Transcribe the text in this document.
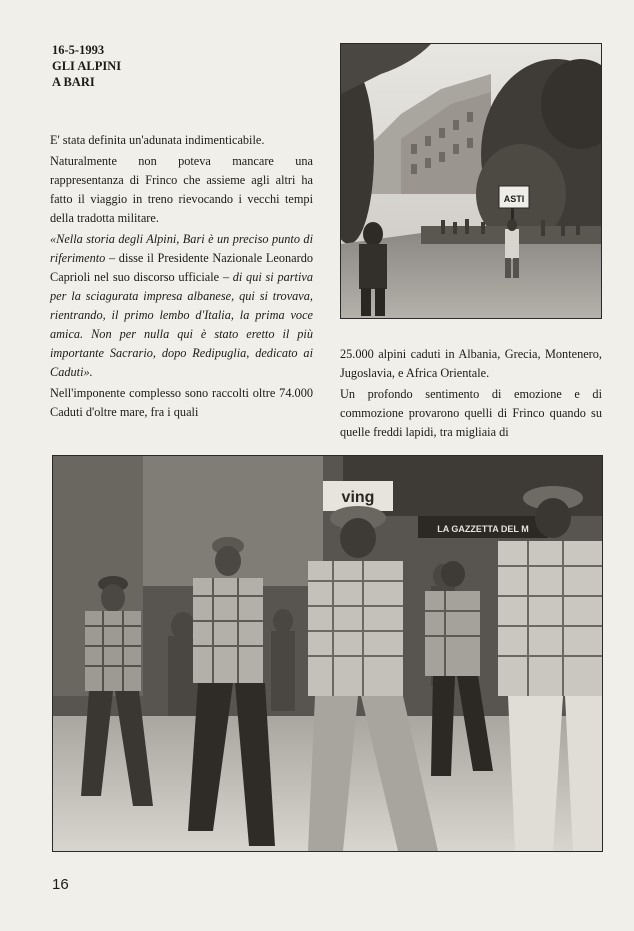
16-5-1993
GLI ALPINI
A BARI

E' stata definita un'adunata indimenticabile.

Naturalmente non poteva mancare una rappresentanza di Frinco che assieme agli altri ha fatto il viaggio in treno rievocando i vecchi tempi della tradotta militare.

«Nella storia degli Alpini, Bari è un preciso punto di riferimento – disse il Presidente Nazionale Leonardo Caprioli nel suo discorso ufficiale – di qui si partiva per la sciagurata impresa albanese, qui si trovava, rientrando, il primo lembo d'Italia, la prima voce amica. Non per nulla qui è stato eretto il più importante Sacrario, dopo Redipuglia, dedicato ai Caduti».

Nell'imponente complesso sono raccolti oltre 74.000 Caduti d'oltre mare, fra i quali

25.000 alpini caduti in Albania, Grecia, Montenero, Jugoslavia, e Africa Orientale.

Un profondo sentimento di emozione e di commozione provarono quelli di Frinco quando su quelle freddi lapidi, tra migliaia di

ASTI
LA GAZZETTA DEL M
ving
16
